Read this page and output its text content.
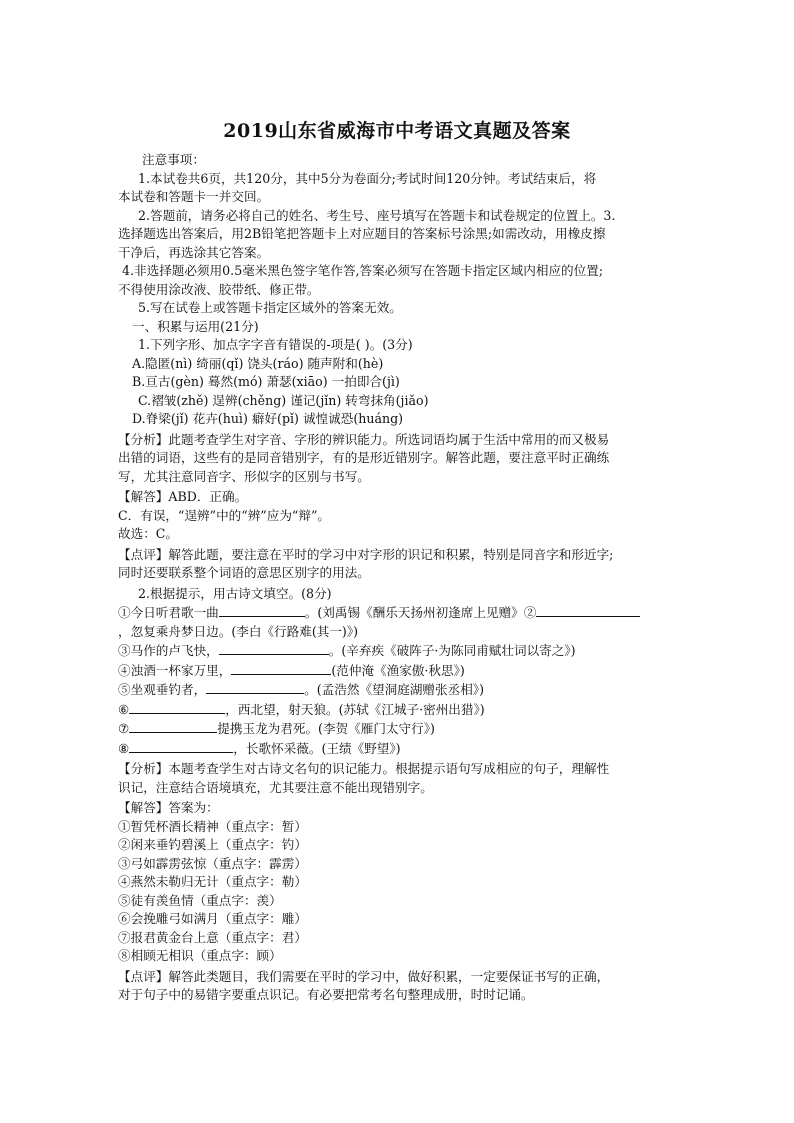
2019山东省威海市中考语文真题及答案
注意事项：
1.本试卷共6页，共120分，其中5分为卷面分;考试时间120分钟。考试结束后，将
本试卷和答题卡一并交回。
2.答题前，请务必将自己的姓名、考生号、座号填写在答题卡和试卷规定的位置上。3.
选择题选出答案后，用2B铅笔把答题卡上对应题目的答案标号涂黑;如需改动，用橡皮擦
干净后，再选涂其它答案。
4.非选择题必须用0.5毫米黑色签字笔作答,答案必须写在答题卡指定区域内相应的位置;
不得使用涂改液、胶带纸、修正带。
5.写在试卷上或答题卡指定区域外的答案无效。
一、积累与运用(21分)
1.下列字形、加点字字音有错误的-项是( )。(3分)
A.隐匿(nì) 绮丽(qǐ) 饶头(ráo) 随声附和(hè)
B.亘古(gèn) 蓦然(mó) 萧瑟(xiāo) 一拍即合(jì)
C.褶皱(zhě) 逞辨(chěng) 谨记(jǐn) 转弯抹角(jiǎo)
D.脊梁(jǐ) 花卉(huì) 癖好(pǐ) 诚惶诚恐(huáng)
【分析】此题考查学生对字音、字形的辨识能力。所选词语均属于生活中常用的而又极易
出错的词语，这些有的是同音错别字，有的是形近错别字。解答此题，要注意平时正确练
写，尤其注意同音字、形似字的区别与书写。
【解答】ABD．正确。
C．有误，“逞辨”中的“辨”应为“辩”。
故选：C。
【点评】解答此题，要注意在平时的学习中对字形的识记和积累，特别是同音字和形近字;
同时还要联系整个词语的意思区别字的用法。
2.根据提示，用古诗文填空。(8分)
①今日听君歌一曲	。(刘禹锡《酬乐天扬州初逢席上见赠》②
，忽复乘舟梦日边。(李白《行路难(其一)》)
③马作的卢飞快，	。(辛弃疾《破阵子·为陈同甫赋壮词以寄之》)
④浊酒一杯家万里，	(范仲淹《渔家傲·秋思》)
⑤坐观垂钓者，	。(孟浩然《望洞庭湖赠张丞相》)
⑥	，西北望，射天狼。(苏轼《江城子·密州出猎》)
⑦	提携玉龙为君死。(李贺《雁门太守行》)
⑧	，长歌怀采薇。(王绩《野望》)
【分析】本题考查学生对古诗文名句的识记能力。根据提示语句写成相应的句子，理解性
识记，注意结合语境填充，尤其要注意不能出现错别字。
【解答】答案为：
①暂凭杯酒长精神（重点字：暂）
②闲来垂钓碧溪上（重点字：钓）
③弓如霹雳弦惊（重点字：霹雳）
④燕然未勒归无计（重点字：勒）
⑤徒有羡鱼情（重点字：羡）
⑥会挽雕弓如满月（重点字：雕）
⑦报君黄金台上意（重点字：君）
⑧相顾无相识（重点字：顾）
【点评】解答此类题目，我们需要在平时的学习中，做好积累，一定要保证书写的正确，
对于句子中的易错字要重点识记。有必要把常考名句整理成册，时时记诵。
